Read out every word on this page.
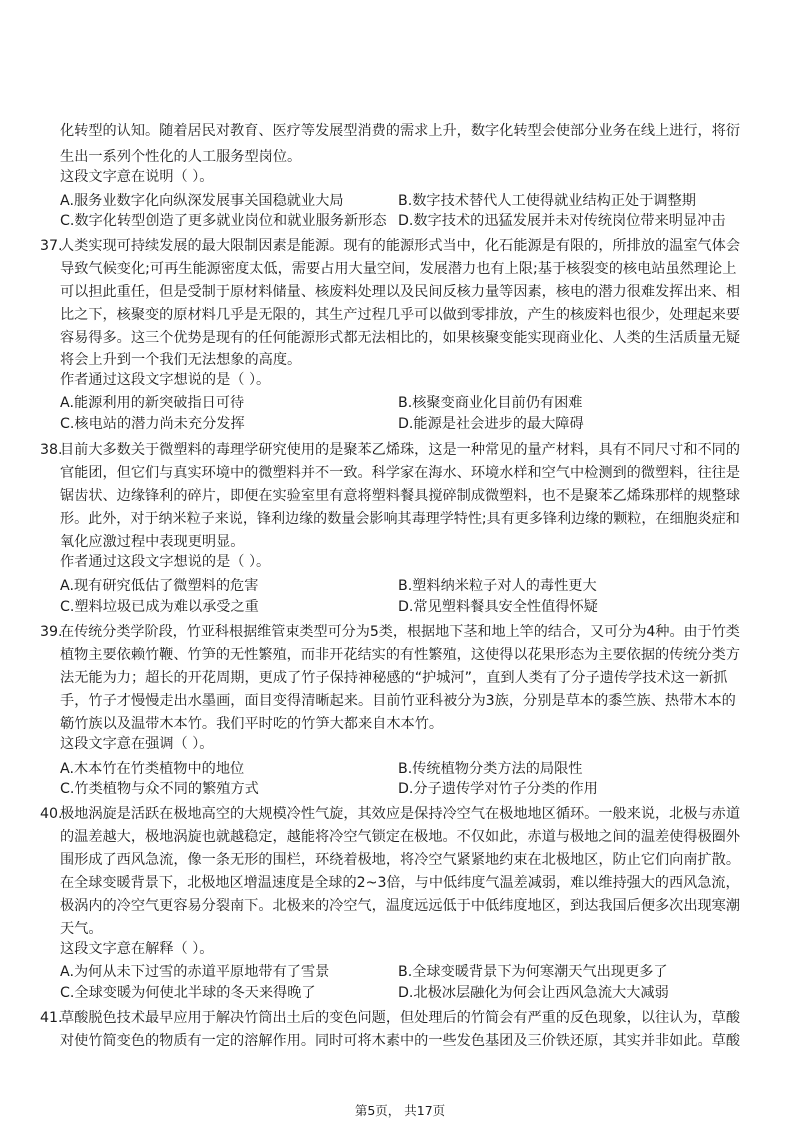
化转型的认知。随着居民对教育、医疗等发展型消费的需求上升，数字化转型会使部分业务在线上进行，将衍
生出一系列个性化的人工服务型岗位。
这段文字意在说明（ ）。
A.服务业数字化向纵深发展事关国稳就业大局	B.数字技术替代人工使得就业结构正处于调整期
C.数字化转型创造了更多就业岗位和就业服务新形态 D.数字技术的迅猛发展并未对传统岗位带来明显冲击
37.
人类实现可持续发展的最大限制因素是能源。现有的能源形式当中，化石能源是有限的，所排放的温室气体会
导致气候变化;可再生能源密度太低，需要占用大量空间，发展潜力也有上限;基于核裂变的核电站虽然理论上
可以担此重任，但是受制于原材料储量、核废料处理以及民间反核力量等因素，核电的潜力很难发挥出来、相
比之下，核聚变的原材料几乎是无限的，其生产过程几乎可以做到零排放，产生的核废料也很少，处理起来要
容易得多。这三个优势是现有的任何能源形式都无法相比的，如果核聚变能实现商业化、人类的生活质量无疑
将会上升到一个我们无法想象的高度。
作者通过这段文字想说的是（ ）。
A.能源利用的新突破指日可待	B.核聚变商业化目前仍有困难
C.核电站的潜力尚未充分发挥	D.能源是社会进步的最大障碍
38.
目前大多数关于微塑料的毒理学研究使用的是聚苯乙烯珠，这是一种常见的量产材料，具有不同尺寸和不同的
官能团，但它们与真实环境中的微塑料并不一致。科学家在海水、环境水样和空气中检测到的微塑料，往往是
锯齿状、边缘锋利的碎片，即便在实验室里有意将塑料餐具搅碎制成微塑料，也不是聚苯乙烯珠那样的规整球
形。此外，对于纳米粒子来说，锋利边缘的数量会影响其毒理学特性;具有更多锋利边缘的颗粒，在细胞炎症和
氧化应激过程中表现更明显。
作者通过这段文字想说的是（ ）。
A.现有研究低估了微塑料的危害	B.塑料纳米粒子对人的毒性更大
C.塑料垃圾已成为难以承受之重	D.常见塑料餐具安全性值得怀疑
39.
在传统分类学阶段，竹亚科根据维管束类型可分为5类，根据地下茎和地上竿的结合，又可分为4种。由于竹类
植物主要依赖竹鞭、竹笋的无性繁殖，而非开花结实的有性繁殖，这使得以花果形态为主要依据的传统分类方
法无能为力；超长的开花周期，更成了竹子保持神秘感的“护城河”，直到人类有了分子遗传学技术这一新抓
手，竹子才慢慢走出水墨画，面目变得清晰起来。目前竹亚科被分为3族，分别是草本的黍竺族、热带木本的
簕竹族以及温带木本竹。我们平时吃的竹笋大都来自木本竹。
这段文字意在强调（ ）。
A.木本竹在竹类植物中的地位	B.传统植物分类方法的局限性
C.竹类植物与众不同的繁殖方式	D.分子遗传学对竹子分类的作用
40.
极地涡旋是活跃在极地高空的大规模冷性气旋，其效应是保持冷空气在极地地区循环。一般来说，北极与赤道
的温差越大，极地涡旋也就越稳定，越能将冷空气锁定在极地。不仅如此，赤道与极地之间的温差使得极圈外
围形成了西风急流，像一条无形的围栏，环绕着极地，将冷空气紧紧地约束在北极地区，防止它们向南扩散。
在全球变暖背景下，北极地区增温速度是全球的2~3倍，与中低纬度气温差减弱，难以维持强大的西风急流，
极涡内的冷空气更容易分裂南下。北极来的冷空气，温度远远低于中低纬度地区，到达我国后便多次出现寒潮
天气。
这段文字意在解释（ ）。
A.为何从未下过雪的赤道平原地带有了雪景	B.全球变暖背景下为何寒潮天气出现更多了
C.全球变暖为何使北半球的冬天来得晚了	D.北极冰层融化为何会让西风急流大大减弱
41.
草酸脱色技术最早应用于解决竹筒出土后的变色问题，但处理后的竹简会有严重的反色现象，以往认为，草酸
对使竹简变色的物质有一定的溶解作用。同时可将木素中的一些发色基团及三价铁还原，其实并非如此。草酸
第5页， 共17页
